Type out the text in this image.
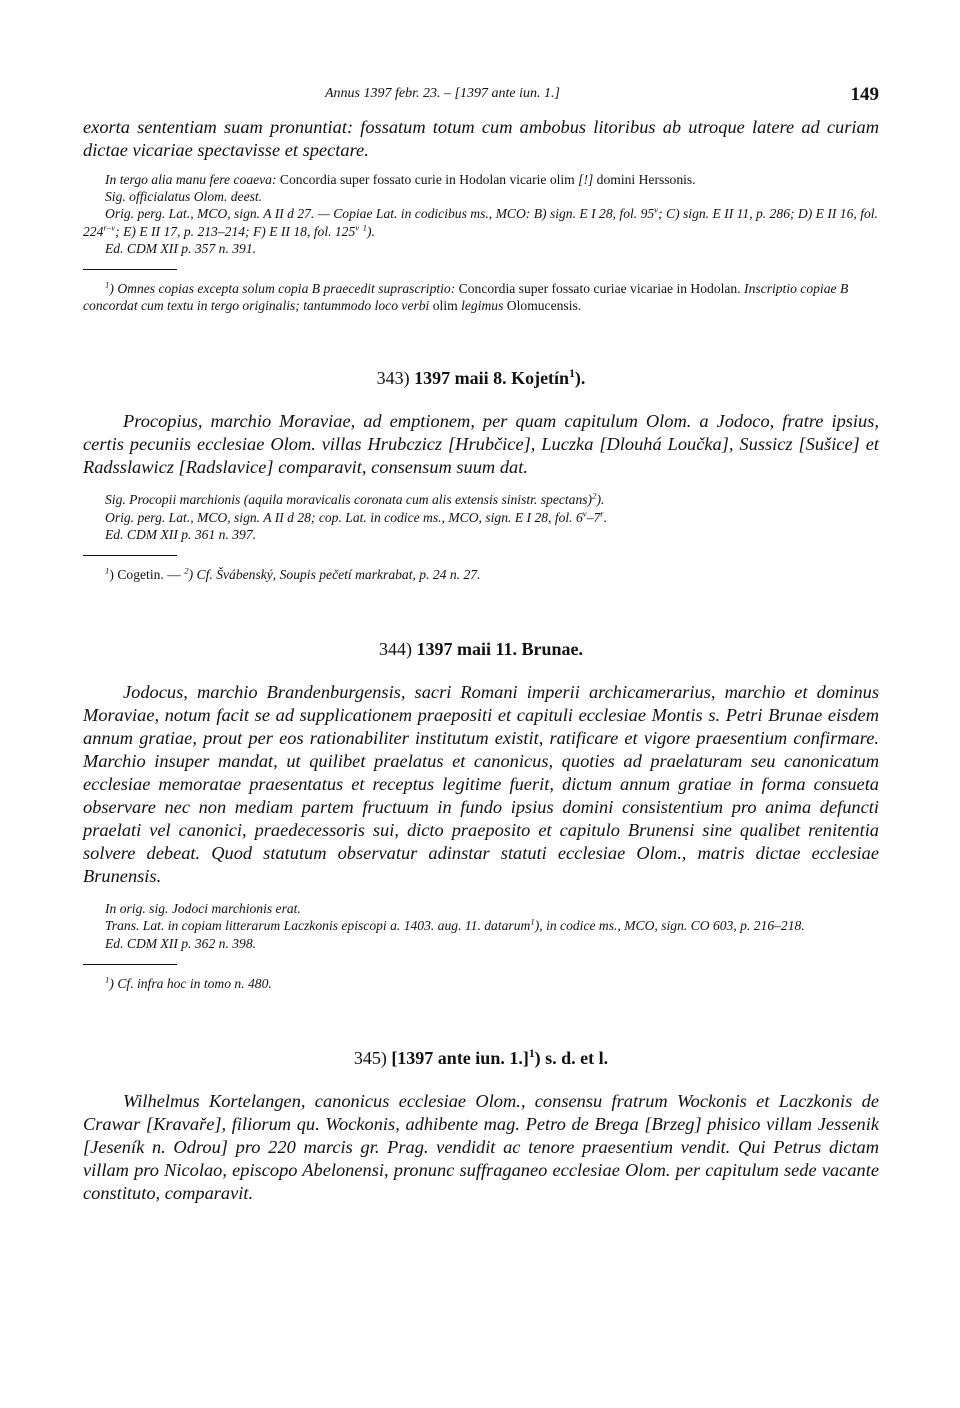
Annus 1397 febr. 23. – [1397 ante iun. 1.]	149

exorta sententiam suam pronuntiat: fossatum totum cum ambobus litoribus ab utroque latere ad curiam dictae vicariae spectavisse et spectare.

In tergo alia manu fere coaeva: Concordia super fossato curie in Hodolan vicarie olim [!] domini Herssonis.

Sig. officialatus Olom. deest.

Orig. perg. Lat., MCO, sign. A II d 27. — Copiae Lat. in codicibus ms., MCO: B) sign. E I 28, fol. 95$^v$; C) sign. E II 11, p. 286; D) E II 16, fol. 224$^{r-v}$; E) E II 17, p. 213–214; F) E II 18, fol. 125$^v$ $^1$).

Ed. CDM XII p. 357 n. 391.

$^1$) Omnes copias excepta solum copia B praecedit suprascriptio: Concordia super fossato curiae vicariae in Hodolan. Inscriptio copiae B concordat cum textu in tergo originalis; tantummodo loco verbi olim legimus Olomucensis.

343) 1397 maii 8. Kojetín$^1$).

Procopius, marchio Moraviae, ad emptionem, per quam capitulum Olom. a Jodoco, fratre ipsius, certis pecuniis ecclesiae Olom. villas Hrubczicz [Hrubčice], Luczka [Dlouhá Loučka], Sussicz [Sušice] et Radsslawicz [Radslavice] comparavit, consensum suum dat.

Sig. Procopii marchionis (aquila moravicalis coronata cum alis extensis sinistr. spectans)$^2$).

Orig. perg. Lat., MCO, sign. A II d 28; cop. Lat. in codice ms., MCO, sign. E I 28, fol. 6$^v$–7$^r$.

Ed. CDM XII p. 361 n. 397.

$^1$) Cogetin. — $^2$) Cf. Švábenský, Soupis pečetí markrabat, p. 24 n. 27.

344) 1397 maii 11. Brunae.

Jodocus, marchio Brandenburgensis, sacri Romani imperii archicamerarius, marchio et dominus Moraviae, notum facit se ad supplicationem praepositi et capituli ecclesiae Montis s. Petri Brunae eisdem annum gratiae, prout per eos rationabiliter institutum existit, ratificare et vigore praesentium confirmare. Marchio insuper mandat, ut quilibet praelatus et canonicus, quoties ad praelaturam seu canonicatum ecclesiae memoratae praesentatus et receptus legitime fuerit, dictum annum gratiae in forma consueta observare nec non mediam partem fructuum in fundo ipsius domini consistentium pro anima defuncti praelati vel canonici, praedecessoris sui, dicto praeposito et capitulo Brunensi sine qualibet renitentia solvere debeat. Quod statutum observatur adinstar statuti ecclesiae Olom., matris dictae ecclesiae Brunensis.

In orig. sig. Jodoci marchionis erat.

Trans. Lat. in copiam litterarum Laczkonis episcopi a. 1403. aug. 11. datarum$^1$), in codice ms., MCO, sign. CO 603, p. 216–218.

Ed. CDM XII p. 362 n. 398.

$^1$) Cf. infra hoc in tomo n. 480.

345) [1397 ante iun. 1.]$^1$) s. d. et l.

Wilhelmus Kortelangen, canonicus ecclesiae Olom., consensu fratrum Wockonis et Laczkonis de Crawar [Kravaře], filiorum qu. Wockonis, adhibente mag. Petro de Brega [Brzeg] phisico villam Jessenik [Jeseník n. Odrou] pro 220 marcis gr. Prag. vendidit ac tenore praesentium vendit. Qui Petrus dictam villam pro Nicolao, episcopo Abelonensi, pronunc suffraganeo ecclesiae Olom. per capitulum sede vacante constituto, comparavit.
